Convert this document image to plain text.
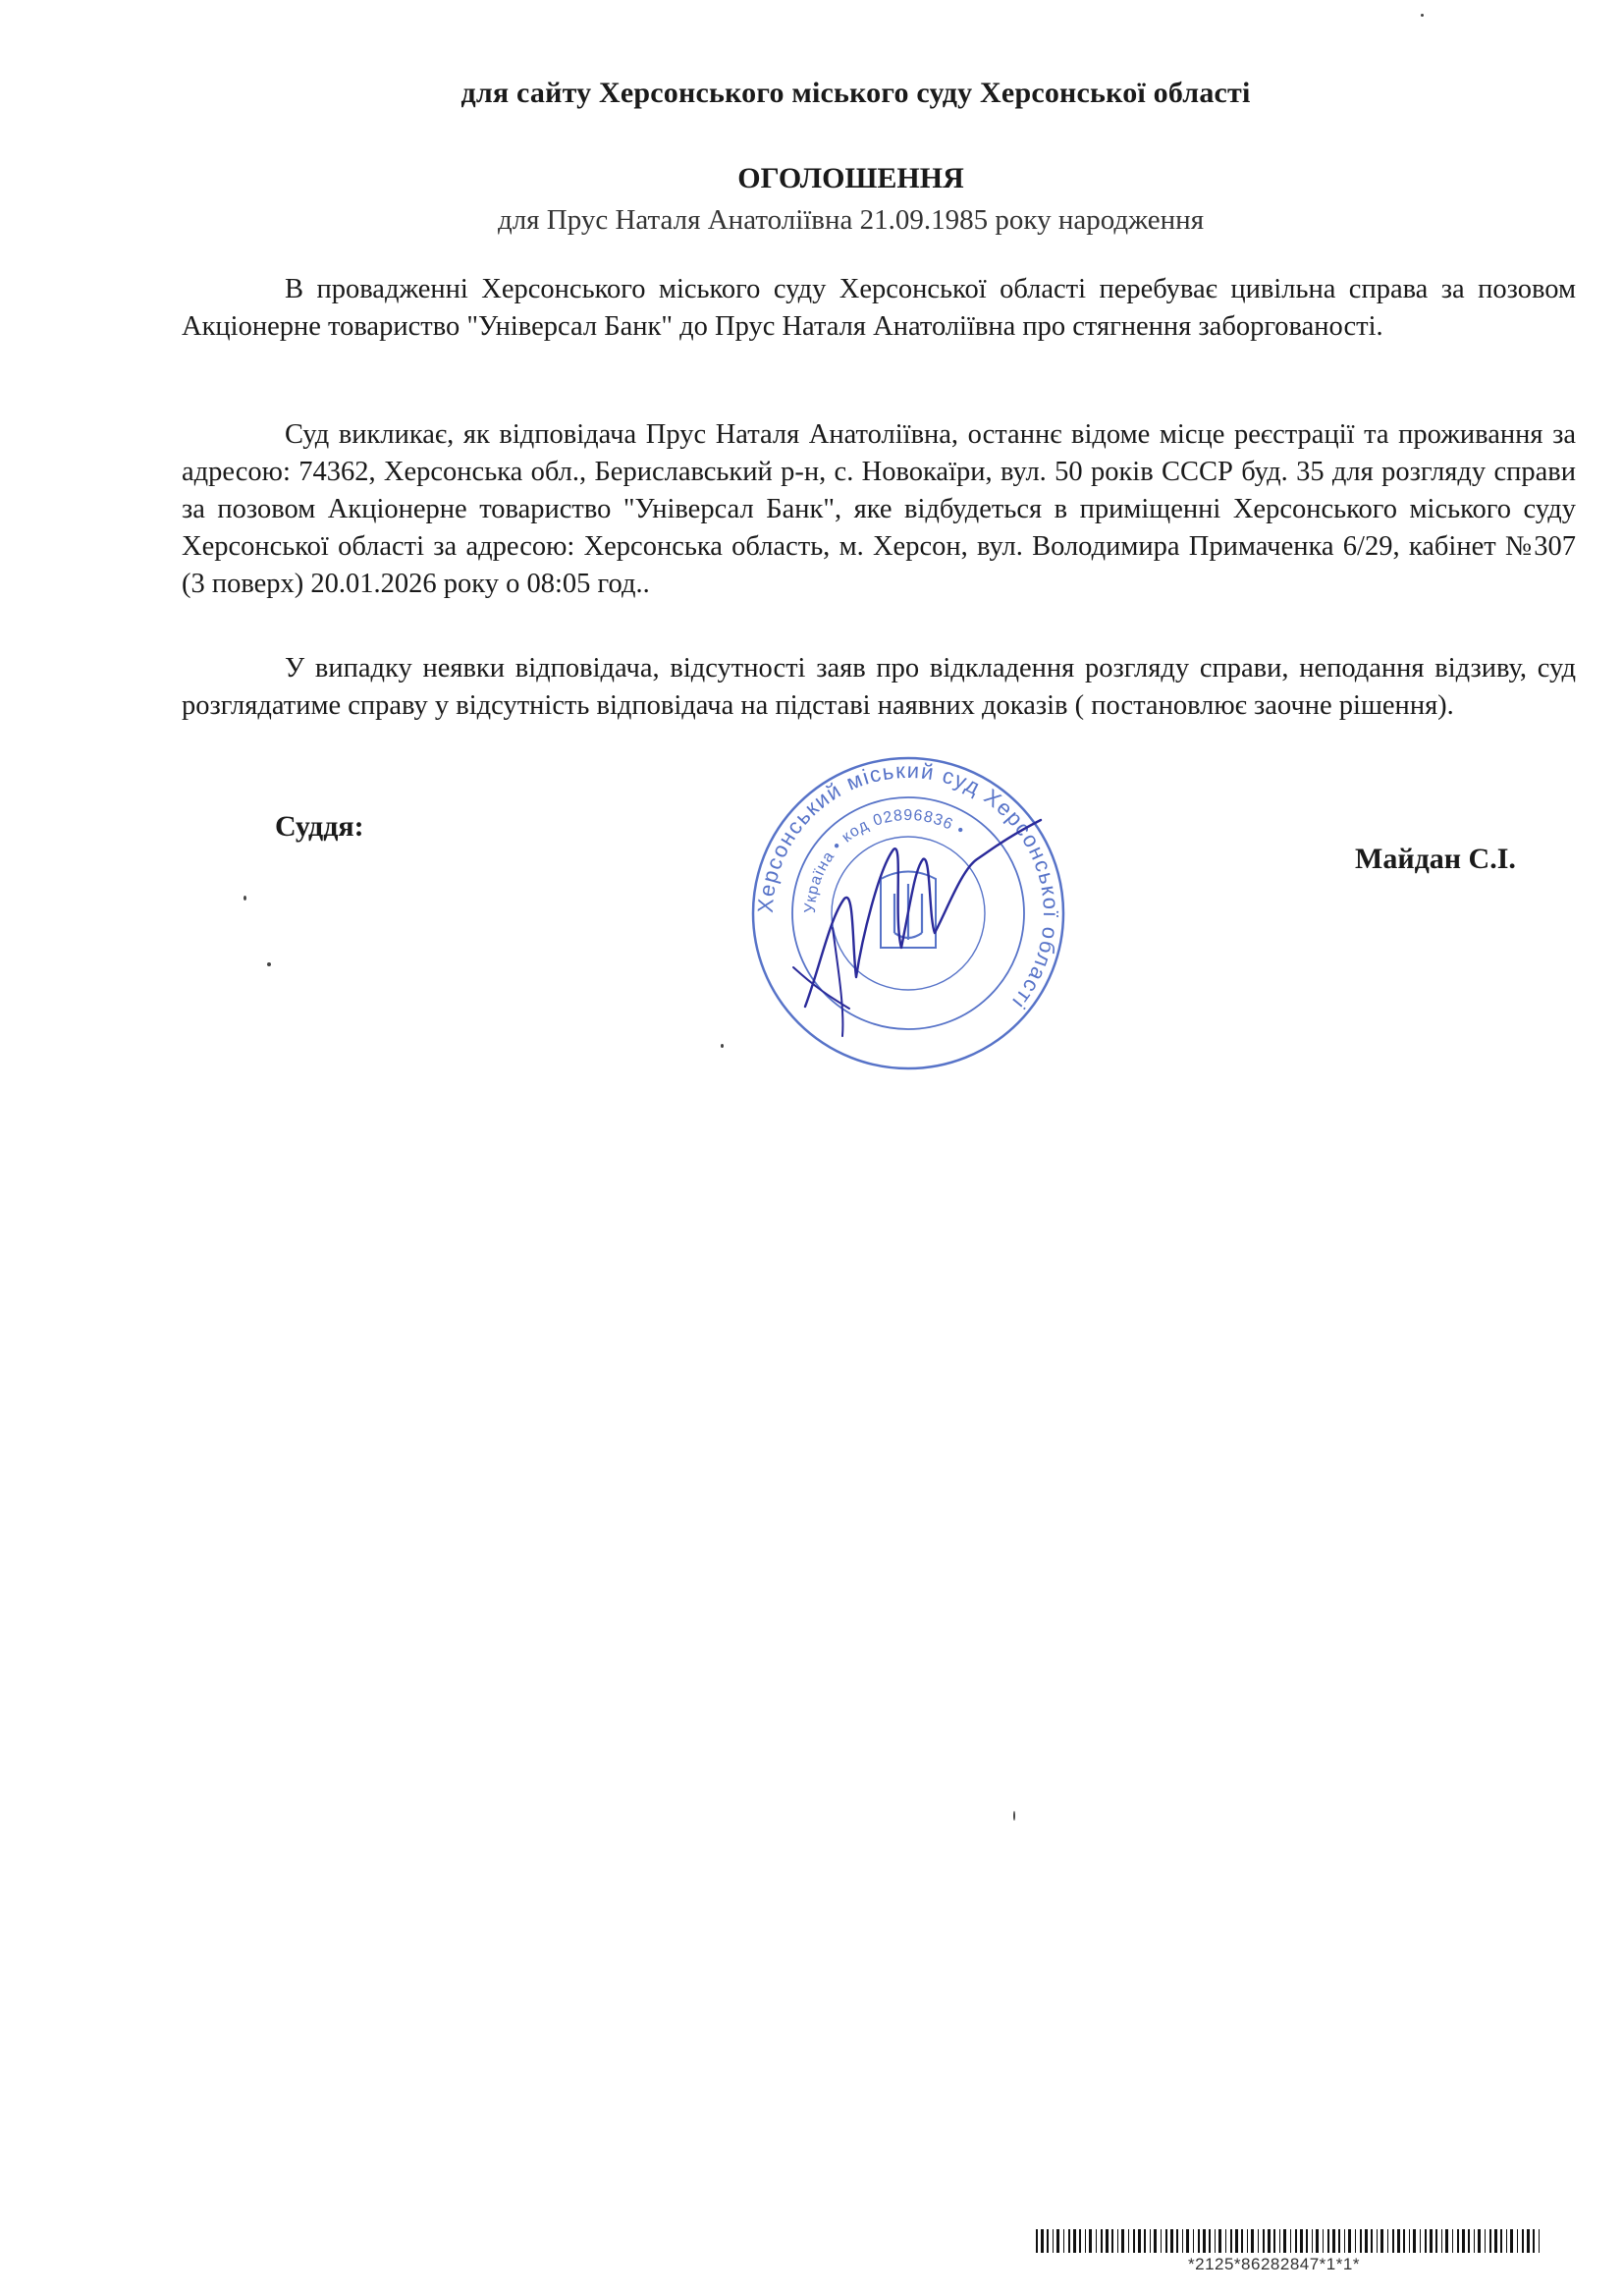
для сайту Херсонського міського суду Херсонської області
ОГОЛОШЕННЯ
для Прус Наталя Анатоліївна 21.09.1985 року народження

В провадженні Херсонського міського суду Херсонської області перебуває цивільна справа за позовом Акціонерне товариство "Універсал Банк" до Прус Наталя Анатоліївна про стягнення заборгованості.

Суд викликає, як відповідача Прус Наталя Анатоліївна, останнє відоме місце реєстрації та проживання за адресою: 74362, Херсонська обл., Бериславський р-н, с. Новокаїри, вул. 50 років СССР буд. 35 для розгляду справи за позовом Акціонерне товариство "Універсал Банк", яке відбудеться в приміщенні Херсонського міського суду Херсонської області за адресою: Херсонська область, м. Херсон, вул. Володимира Примаченка 6/29, кабінет №307 (3 поверх) 20.01.2026 року о 08:05 год..

У випадку неявки відповідача, відсутності заяв про відкладення розгляду справи, неподання відзиву, суд розглядатиме справу у відсутність відповідача на підставі наявних доказів ( постановлює заочне рішення).

Суддя:
Майдан С.І.
Херсонський міський суд Херсонської області
Україна • код 02896836 •
*2125*86282847*1*1*
